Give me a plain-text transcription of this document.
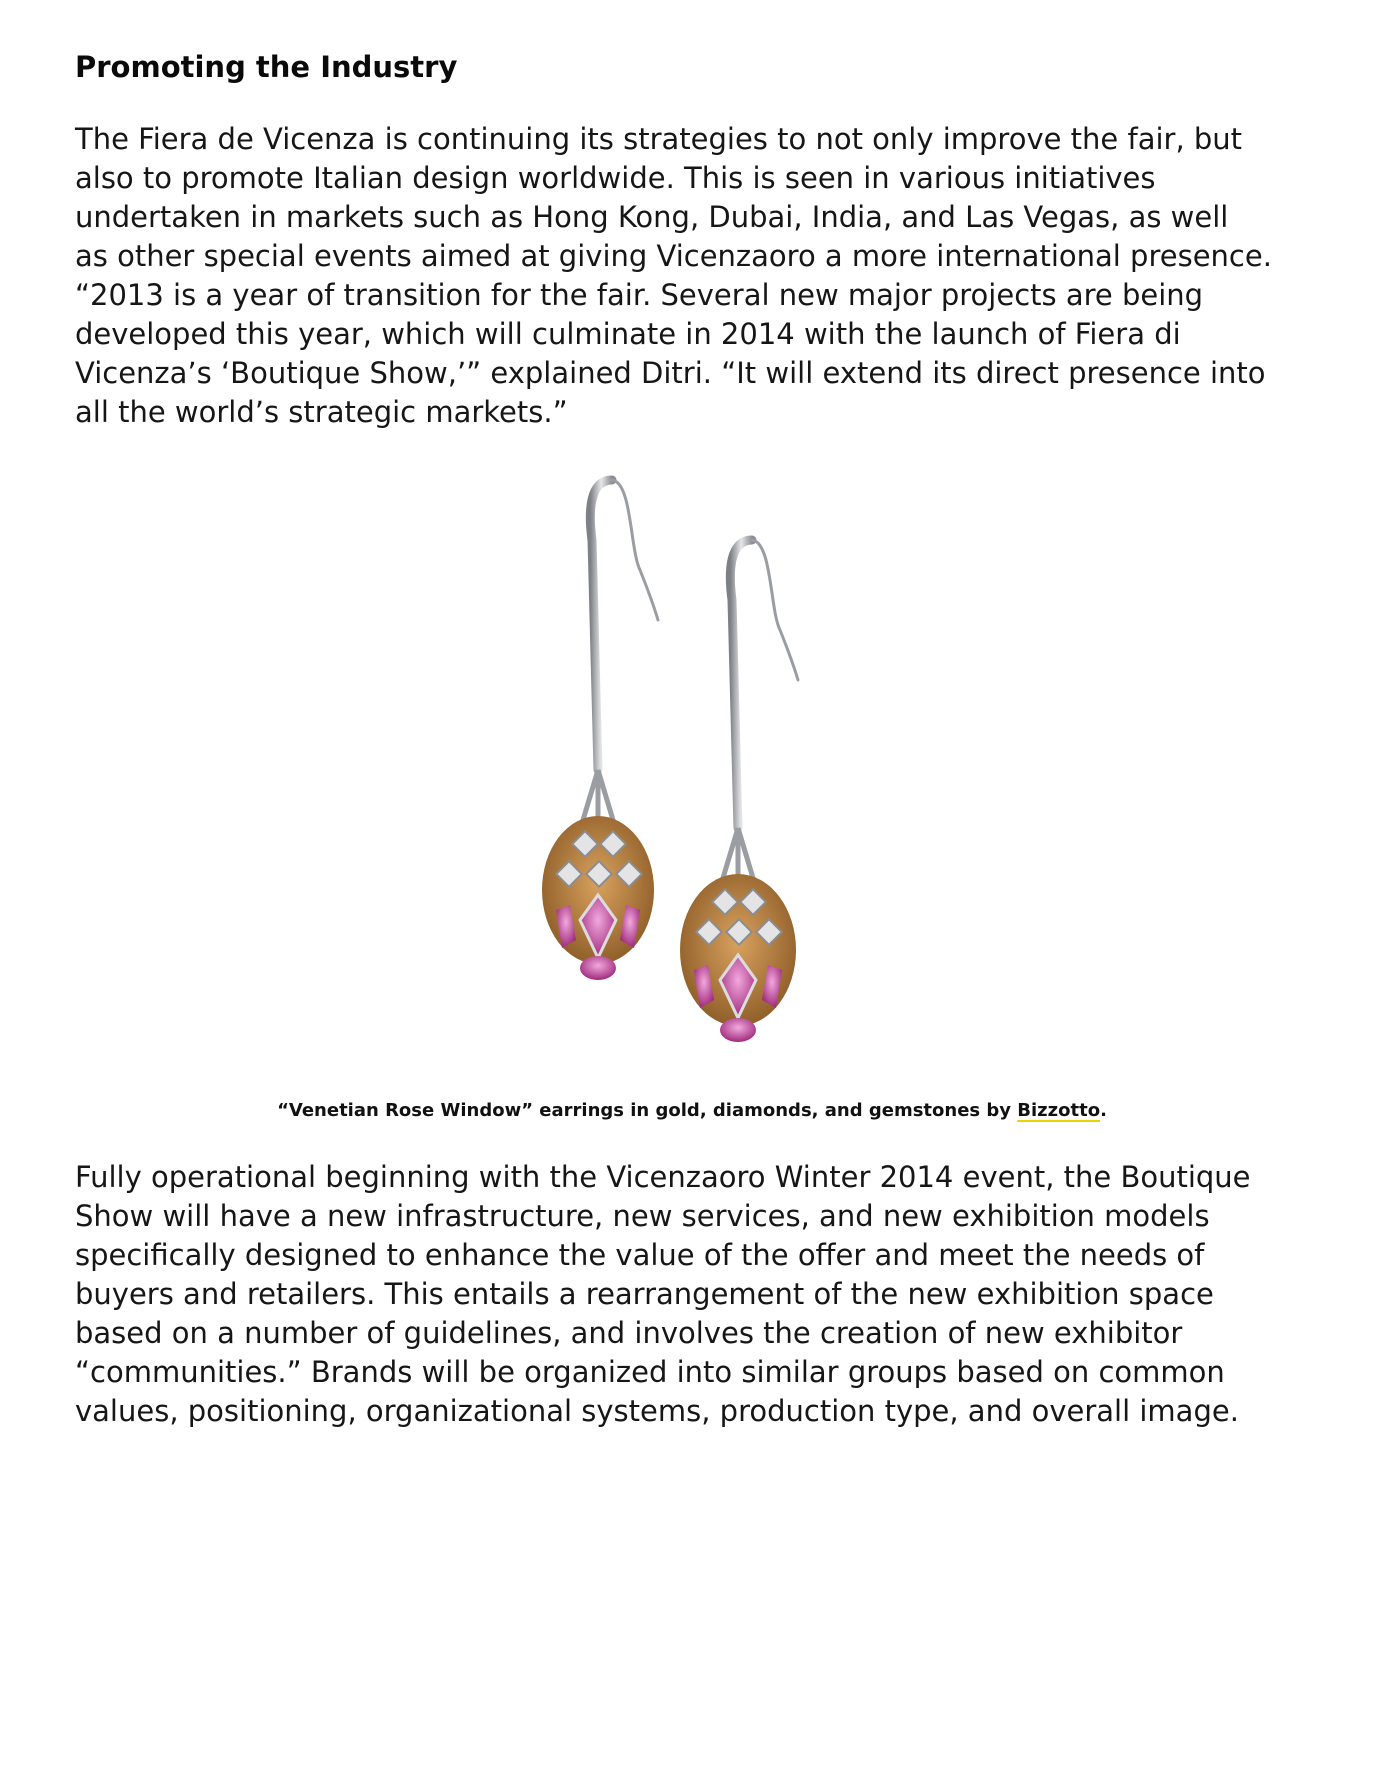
Promoting the Industry

The Fiera de Vicenza is continuing its strategies to not only improve the fair, but
also to promote Italian design worldwide. This is seen in various initiatives
undertaken in markets such as Hong Kong, Dubai, India, and Las Vegas, as well
as other special events aimed at giving Vicenzaoro a more international presence.
“2013 is a year of transition for the fair. Several new major projects are being
developed this year, which will culminate in 2014 with the launch of Fiera di
Vicenza’s ‘Boutique Show,’” explained Ditri. “It will extend its direct presence into
all the world’s strategic markets.”

“Venetian Rose Window” earrings in gold, diamonds, and gemstones by Bizzotto.

Fully operational beginning with the Vicenzaoro Winter 2014 event, the Boutique
Show will have a new infrastructure, new services, and new exhibition models
specifically designed to enhance the value of the offer and meet the needs of
buyers and retailers. This entails a rearrangement of the new exhibition space
based on a number of guidelines, and involves the creation of new exhibitor
“communities.” Brands will be organized into similar groups based on common
values, positioning, organizational systems, production type, and overall image.
